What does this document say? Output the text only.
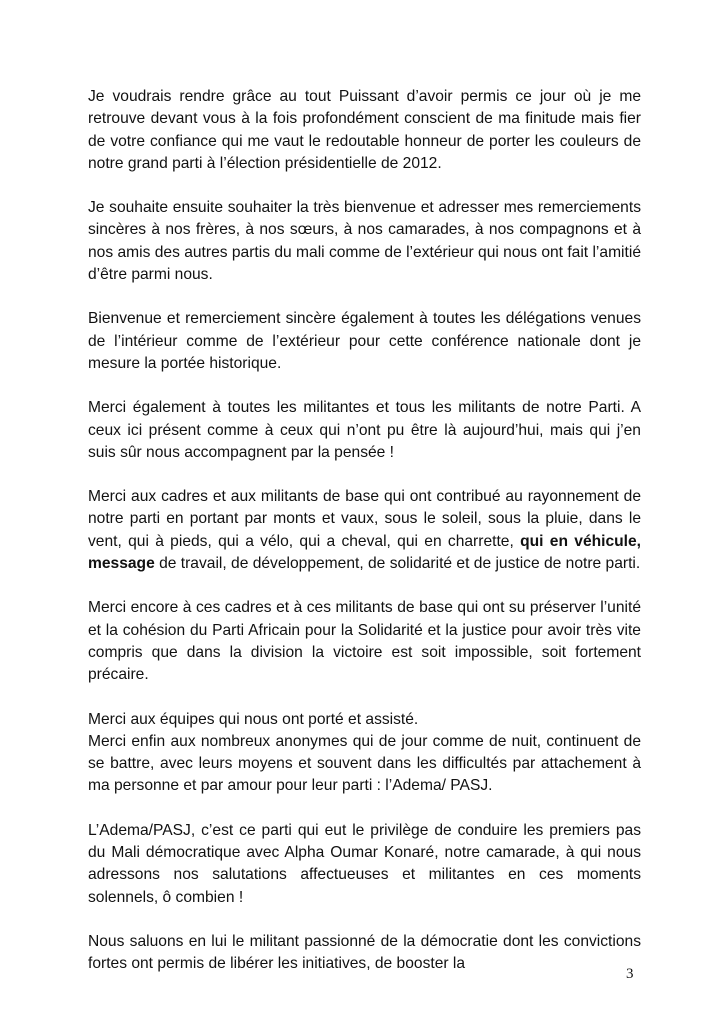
Je voudrais rendre grâce au tout Puissant d’avoir permis ce jour où je me retrouve devant vous à la fois profondément conscient de ma finitude mais fier de votre confiance qui me vaut le redoutable honneur de porter les couleurs de notre grand parti à l’élection présidentielle de 2012.

Je souhaite ensuite souhaiter la très bienvenue et adresser mes remerciements sincères à nos frères, à nos sœurs, à nos camarades, à nos compagnons et à nos amis des autres partis du mali comme de l’extérieur qui nous ont fait l’amitié d’être parmi nous.

Bienvenue et remerciement sincère également à toutes les délégations venues de l’intérieur comme de l’extérieur pour cette conférence nationale dont je mesure la portée historique.

Merci également à toutes les militantes et tous les militants de notre Parti. A ceux ici présent comme à ceux qui n’ont pu être là aujourd’hui, mais qui j’en suis sûr nous accompagnent par la pensée !

Merci aux cadres et aux militants de base qui ont contribué au rayonnement de notre parti en portant par monts et vaux, sous le soleil, sous la pluie, dans le vent, qui à pieds, qui a vélo, qui a cheval, qui en charrette, qui en véhicule, message de travail, de développement, de solidarité et de justice de notre parti.

Merci encore à ces cadres et à ces militants de base qui ont su préserver l’unité et la cohésion du Parti Africain pour la Solidarité et la justice pour avoir très vite compris que dans la division la victoire est soit impossible, soit fortement précaire.

Merci aux équipes qui nous ont porté et assisté.

Merci enfin aux nombreux anonymes qui de jour comme de nuit, continuent de se battre, avec leurs moyens et souvent dans les difficultés par attachement à ma personne et par amour pour leur parti : l’Adema/ PASJ.

L’Adema/PASJ, c’est ce parti qui eut le privilège de conduire les premiers pas du Mali démocratique avec Alpha Oumar Konaré, notre camarade, à qui nous adressons nos salutations affectueuses et militantes en ces moments solennels, ô combien !

Nous saluons en lui le militant passionné de la démocratie dont les convictions fortes ont permis de libérer les initiatives, de booster la

3
